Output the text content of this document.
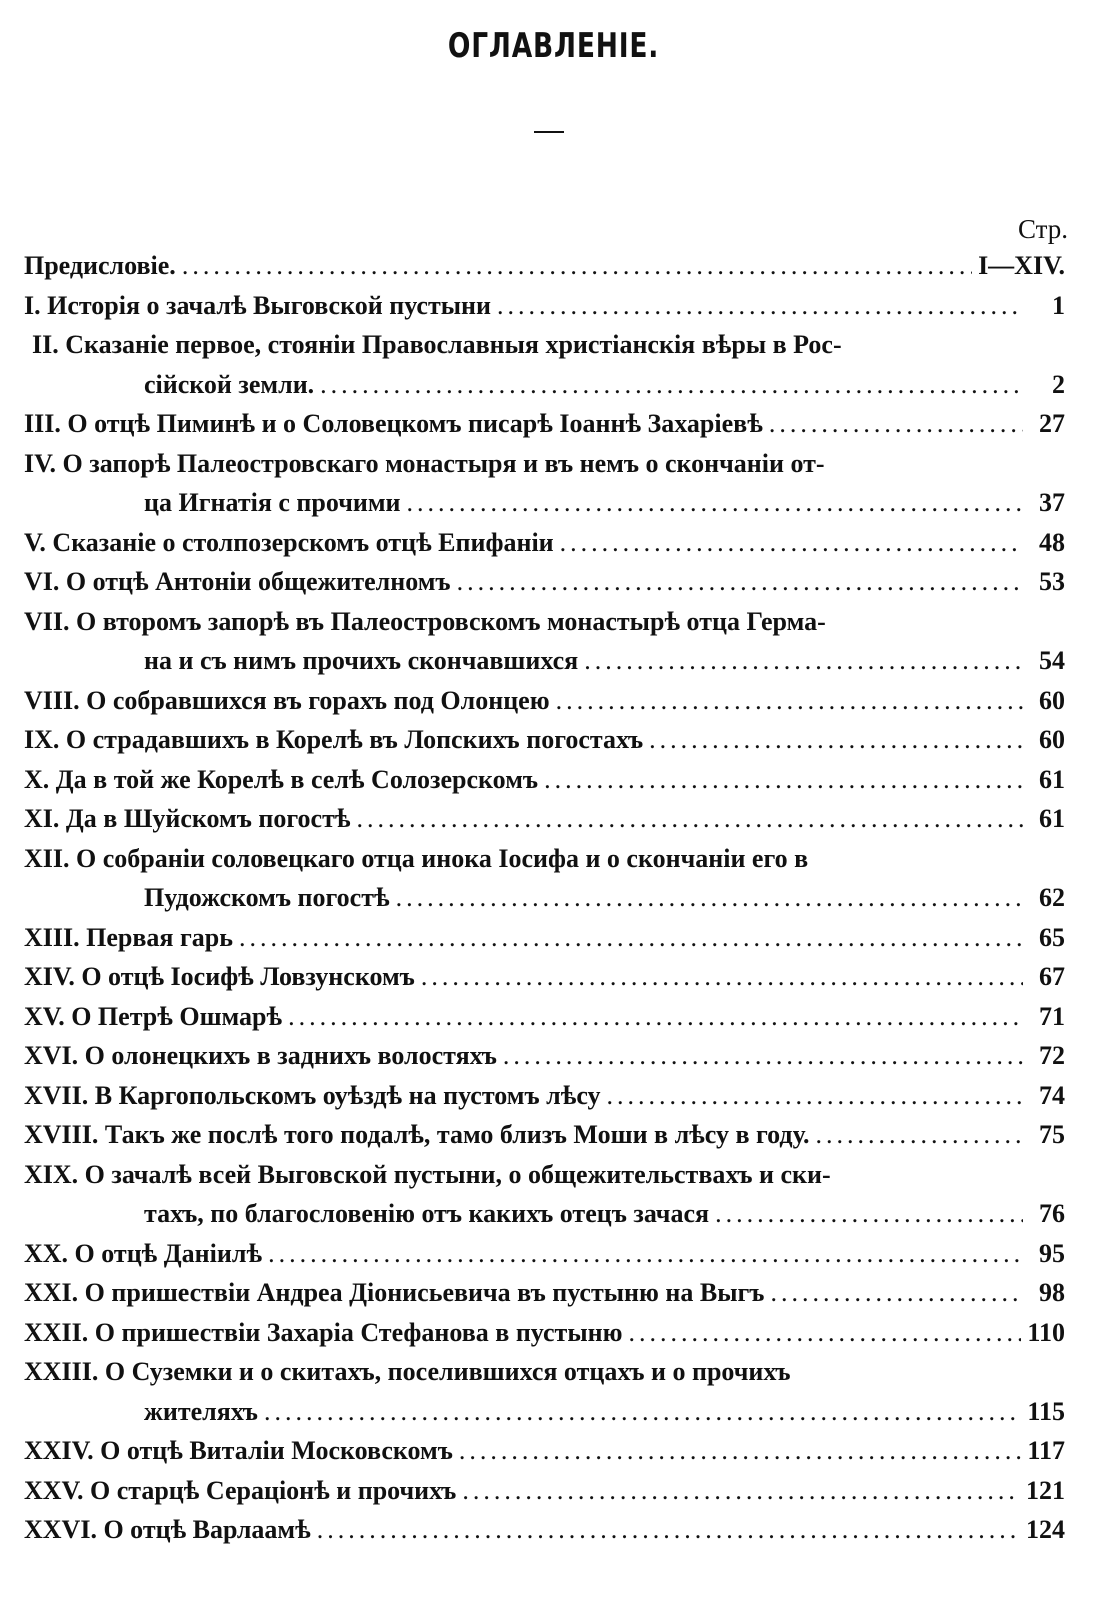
ОГЛАВЛЕНІЕ.
Стр.
Предисловіе. .....	I—XIV.
I. Исторія о зачалѣ Выговской пустыни .....	1
II. Сказаніе первое, стояніи Православныя христіанскія вѣры в Рос-
сійской земли. .....	2
III. О отцѣ Пиминѣ и о Соловецкомъ писарѣ Іоаннѣ Захаріевѣ .....	27
IV. О запорѣ Палеостровскаго монастыря и въ немъ о скончаніи от-
ца Игнатія с прочими .....	37
V. Сказаніе о столпозерскомъ отцѣ Епифаніи .....	48
VI. О отцѣ Антоніи общежителномъ .....	53
VII. О второмъ запорѣ въ Палеостровскомъ монастырѣ отца Герма-
на и съ нимъ прочихъ скончавшихся .....	54
VIII. О собравшихся въ горахъ под Олонцею .....	60
IX. О страдавшихъ в Корелѣ въ Лопскихъ погостахъ .....	60
X. Да в той же Корелѣ в селѣ Солозерскомъ .....	61
XI. Да в Шуйскомъ погостѣ .....	61
XII. О собраніи соловецкаго отца инока Іосифа и о скончаніи его в
Пудожскомъ погостѣ .....	62
XIII. Первая гарь .....	65
XIV. О отцѣ Іосифѣ Ловзунскомъ .....	67
XV. О Петрѣ Ошмарѣ .....	71
XVI. О олонецкихъ в заднихъ волостяхъ .....	72
XVII. В Каргопольскомъ оуѣздѣ на пустомъ лѣсу .....	74
XVIII. Такъ же послѣ того подалѣ, тамо близъ Моши в лѣсу в году. .....	75
XIX. О зачалѣ всей Выговской пустыни, о общежительствахъ и ски-
тахъ, по благословенію отъ какихъ отецъ зачася .....	76
XX. О отцѣ Даніилѣ .....	95
XXI. О пришествіи Андреа Діонисьевича въ пустыню на Выгъ .....	98
XXII. О пришествіи Захаріа Стефанова в пустыню .....	110
XXIII. О Суземки и о скитахъ, поселившихся отцахъ и о прочихъ
жителяхъ .....	115
XXIV. О отцѣ Виталіи Московскомъ .....	117
XXV. О старцѣ Сераціонѣ и прочихъ .....	121
XXVI. О отцѣ Варлаамѣ .....	124
